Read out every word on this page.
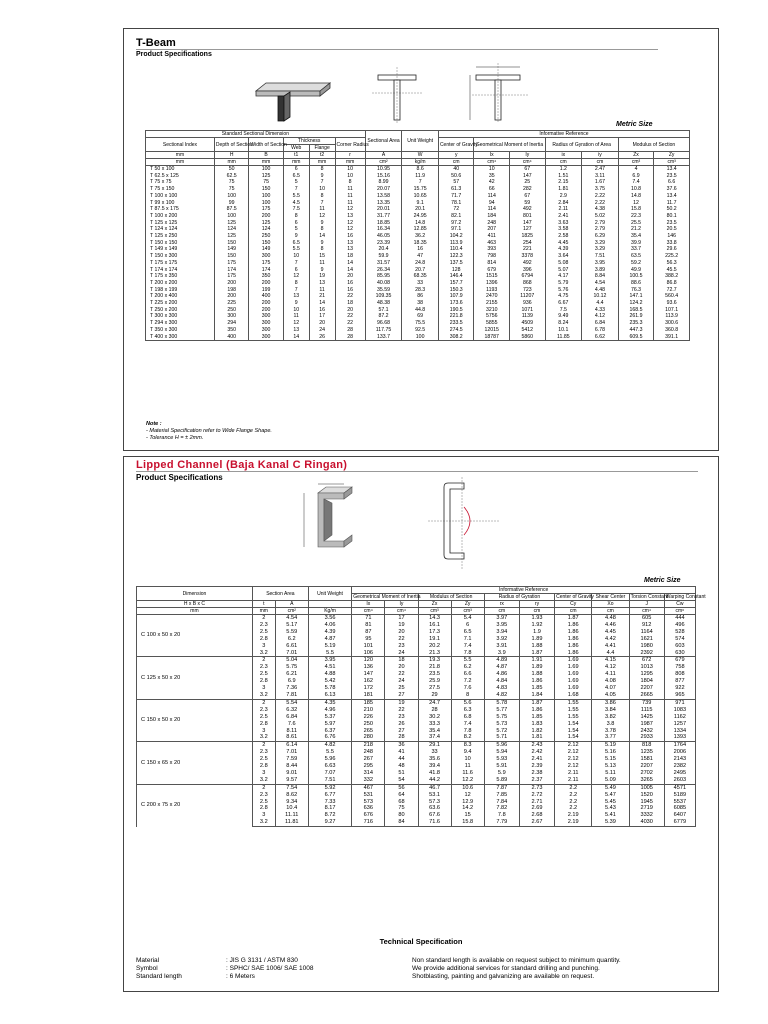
T-Beam
Product Specifications
Metric Size
Standard Sectional Dimension						Sectional Area	Unit Weight	Informative Reference						
Sectional Index	Depth of Section	Width of Section	Thickness		Corner Radius			Center of Gravity	Geometrical Moment of Inertia		Radius of Gyration of Area		Modulus of Section	
			Web	Flange										
mm	H	B	t1	t2	r	A	W	y	Ix	Iy	ix	iy	Zx	Zy
mm	mm	mm	mm	mm	mm	cm²	kg/m	cm	cm⁴	cm⁴	cm	cm	cm³	cm³
T 50 x 100	50	100	6	8	10	10.95	8.6	40	10	67	1.2	2.47	4	13.4
T 62.5 x 125	62.5	125	6.5	9	10	15.16	11.9	50.6	35	147	1.51	3.11	6.9	23.5
T 75 x 75	75	75	5	7	8	8.99	7	57	42	25	2.15	1.67	7.4	6.6
T 75 x 150	75	150	7	10	11	20.07	15.75	61.3	66	282	1.81	3.75	10.8	37.6
T 100 x 100	100	100	5.5	8	11	13.58	10.65	71.7	114	67	2.9	2.22	14.8	13.4
T 99 x 100	99	100	4.5	7	11	13.35	9.1	78.1	94	59	2.84	2.22	12	11.7
T 87.5 x 175	87.5	175	7.5	11	12	20.01	20.1	72	114	492	2.11	4.38	15.8	50.2
T 100 x 200	100	200	8	12	13	31.77	24.95	82.1	184	801	2.41	5.02	22.3	80.1
T 125 x 125	125	125	6	9	12	18.85	14.8	97.2	248	147	3.63	2.79	25.5	23.5
T 124 x 124	124	124	5	8	12	16.34	12.85	97.1	207	127	3.58	2.79	21.2	20.5
T 125 x 250	125	250	9	14	16	46.05	36.2	104.2	411	1825	2.58	6.29	35.4	146
T 150 x 150	150	150	6.5	9	13	23.39	18.35	113.9	463	254	4.45	3.29	39.9	33.8
T 149 x 149	149	149	5.5	8	13	20.4	16	110.4	393	221	4.39	3.29	33.7	29.6
T 150 x 300	150	300	10	15	18	59.9	47	122.3	798	3378	3.64	7.51	63.5	225.2
T 175 x 175	175	175	7	11	14	31.57	24.8	137.5	814	492	5.08	3.95	59.2	56.3
T 174 x 174	174	174	6	9	14	26.34	20.7	128	679	396	5.07	3.89	49.9	45.5
T 175 x 350	175	350	12	19	20	85.95	68.35	146.4	1515	6794	4.17	8.84	100.5	388.2
T 200 x 200	200	200	8	13	16	40.08	33	157.7	1396	868	5.79	4.54	88.6	86.8
T 198 x 199	198	199	7	11	16	35.59	28.3	150.3	1193	723	5.76	4.48	76.3	72.7
T 200 x 400	200	400	13	21	22	109.35	86	107.9	2470	11207	4.75	10.12	147.1	560.4
T 225 x 200	225	200	9	14	18	48.38	38	173.6	2155	936	6.67	4.4	124.2	93.6
T 250 x 200	250	200	10	16	20	57.1	44.8	190.5	3210	1071	7.5	4.33	168.5	107.1
T 300 x 300	300	300	11	17	22	87.2	69	221.8	5756	1139	9.49	4.12	261.9	113.9
T 294 x 300	294	300	12	20	22	96.68	75.5	233.5	5855	4509	8.24	6.84	235.3	300.6
T 350 x 300	350	300	13	24	28	117.75	92.5	274.5	12015	5412	10.1	6.78	447.3	360.8
T 400 x 300	400	300	14	26	28	133.7	100	308.2	18787	5860	11.85	6.62	609.5	391.1
Note :
- Material Specification refer to Wide Flange Shape.
- Tolerance H = ± 2mm.
Lipped Channel (Baja Kanal C Ringan)
Product Specifications
Metric Size
Dimension	Section Area		Unit Weight	Informative Reference									
				Geometrical Moment of Inertia		Modulus of Section		Radius of Gyration		Center of Gravity	Shear Center	Torsion Constant	Warping Constant
H x B x C	t	A		Ix	Iy	Zx	Zy	rx	ry	Cy	Xo	J	Cw
mm	mm	cm²	Kg/m	cm⁴	cm⁴	cm³	cm³	cm	cm	cm	cm	cm⁴	cm⁶
C 100 x 50 x 20	2	4.54	3.56	71	17	14.3	5.4	3.97	1.93	1.87	4.48	605	444
	2.3	5.17	4.06	81	19	16.1	6	3.95	1.92	1.86	4.46	912	496
	2.5	5.59	4.39	87	20	17.3	6.5	3.94	1.9	1.86	4.45	1164	528
	2.8	6.2	4.87	95	22	19.1	7.1	3.92	1.89	1.86	4.42	1621	574
	3	6.61	5.19	101	23	20.2	7.4	3.91	1.88	1.86	4.41	1980	603
	3.2	7.01	5.5	106	24	21.3	7.8	3.9	1.87	1.86	4.4	2392	630
C 125 x 50 x 20	2	5.04	3.95	120	18	19.3	5.5	4.89	1.91	1.69	4.15	672	679
	2.3	5.75	4.51	136	20	21.8	6.2	4.87	1.89	1.69	4.12	1013	758
	2.5	6.21	4.88	147	22	23.5	6.6	4.86	1.88	1.69	4.11	1295	808
	2.8	6.9	5.42	162	24	25.9	7.2	4.84	1.86	1.69	4.08	1804	877
	3	7.36	5.78	172	25	27.5	7.6	4.83	1.85	1.69	4.07	2207	922
	3.2	7.81	6.13	181	27	29	8	4.82	1.84	1.68	4.05	2665	965
C 150 x 50 x 20	2	5.54	4.35	185	19	24.7	5.6	5.78	1.87	1.55	3.86	739	971
	2.3	6.32	4.96	210	22	28	6.3	5.77	1.86	1.55	3.84	1115	1083
	2.5	6.84	5.37	226	23	30.2	6.8	5.75	1.85	1.55	3.82	1425	1162
	2.8	7.6	5.97	250	26	33.3	7.4	5.73	1.83	1.54	3.8	1987	1257
	3	8.11	6.37	265	27	35.4	7.8	5.72	1.82	1.54	3.78	2432	1334
	3.2	8.61	6.76	280	28	37.4	8.2	5.71	1.81	1.54	3.77	2933	1393
C 150 x 65 x 20	2	6.14	4.82	218	36	29.1	8.3	5.96	2.43	2.12	5.19	818	1764
	2.3	7.01	5.5	248	41	33	9.4	5.94	2.42	2.12	5.16	1235	2006
	2.5	7.59	5.96	267	44	35.6	10	5.93	2.41	2.12	5.15	1581	2143
	2.8	8.44	6.63	295	48	39.4	11	5.91	2.39	2.12	5.13	2207	2382
	3	9.01	7.07	314	51	41.8	11.6	5.9	2.38	2.11	5.11	2702	2495
	3.2	9.57	7.51	332	54	44.2	12.2	5.89	2.37	2.11	5.09	3265	2603
C 200 x 75 x 20	2	7.54	5.92	467	56	46.7	10.6	7.87	2.73	2.2	5.49	1005	4571
	2.3	8.62	6.77	531	64	53.1	12	7.85	2.72	2.2	5.47	1520	5189
	2.5	9.34	7.33	573	68	57.3	12.9	7.84	2.71	2.2	5.45	1945	5537
	2.8	10.4	8.17	636	75	63.6	14.2	7.82	2.69	2.2	5.43	2719	6085
	3	11.11	8.72	676	80	67.6	15	7.8	2.68	2.19	5.41	3332	6407
	3.2	11.81	9.27	716	84	71.6	15.8	7.79	2.67	2.19	5.39	4030	6779
Technical Specification
Material	: JIS G 3131 / ASTM 830
Symbol	: SPHC/ SAE 1006/ SAE 1008
Standard length	: 6 Meters
Non standard length is available on request subject to minimum quantity.
We provide additional services for standard drilling and punching.
Shotblasting, painting and galvanizing are available on request.
